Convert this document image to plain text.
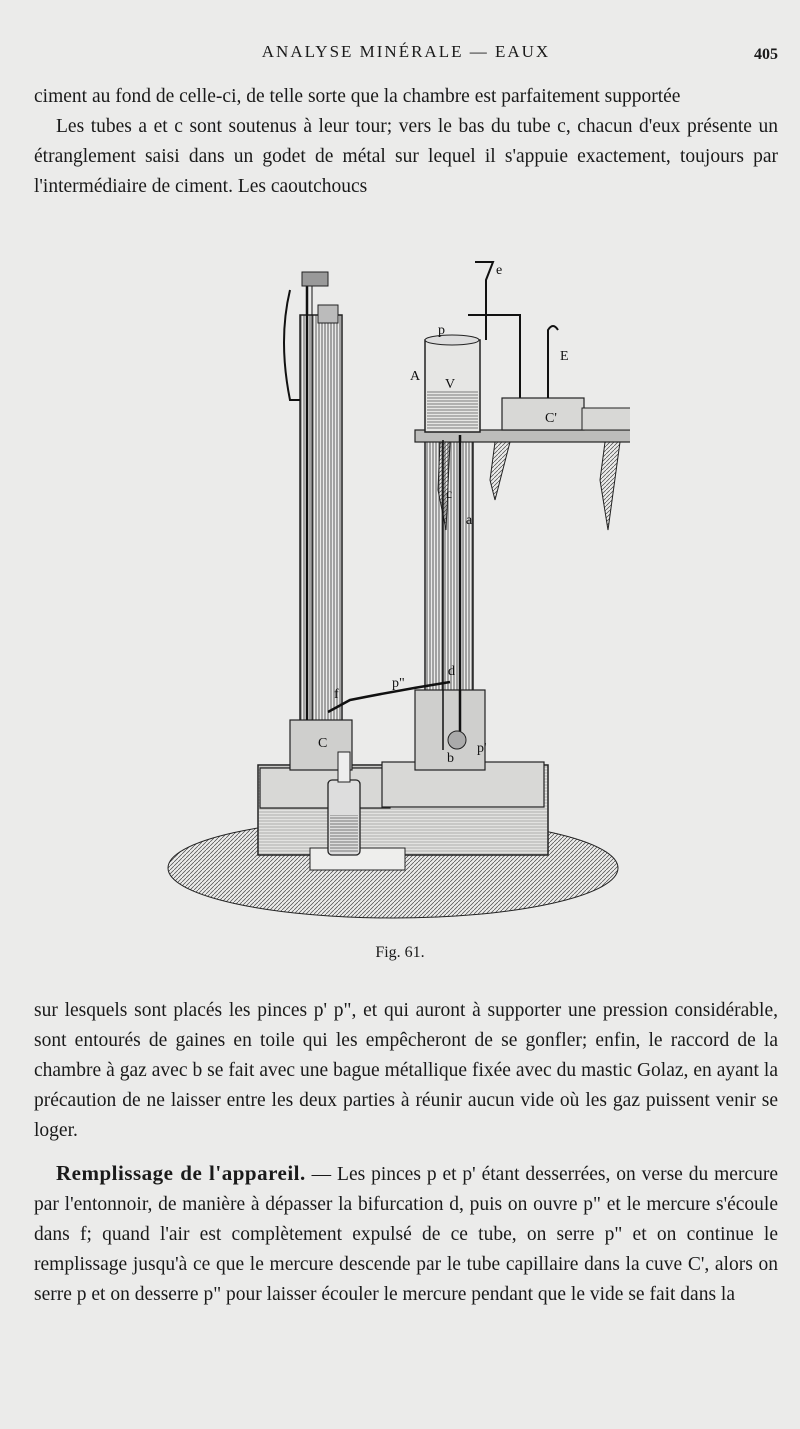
ANALYSE MINÉRALE — EAUX	405

ciment au fond de celle-ci, de telle sorte que la chambre est parfaitement supportée

Les tubes a et c sont soutenus à leur tour; vers le bas du tube c, chacun d'eux présente un étranglement saisi dans un godet de métal sur lequel il s'appuie exactement, toujours par l'intermédiaire de ciment. Les caoutchoucs

e
p
A
V
E
C'
c
a
d
p"
f
C
b
p'
Fig. 61.

sur lesquels sont placés les pinces p' p", et qui auront à supporter une pression considérable, sont entourés de gaines en toile qui les empêcheront de se gonfler; enfin, le raccord de la chambre à gaz avec b se fait avec une bague métallique fixée avec du mastic Golaz, en ayant la précaution de ne laisser entre les deux parties à réunir aucun vide où les gaz puissent venir se loger.

Remplissage de l'appareil. — Les pinces p et p' étant desserrées, on verse du mercure par l'entonnoir, de manière à dépasser la bifurcation d, puis on ouvre p" et le mercure s'écoule dans f; quand l'air est complètement expulsé de ce tube, on serre p" et on continue le remplissage jusqu'à ce que le mercure descende par le tube capillaire dans la cuve C', alors on serre p et on desserre p" pour laisser écouler le mercure pendant que le vide se fait dans la
